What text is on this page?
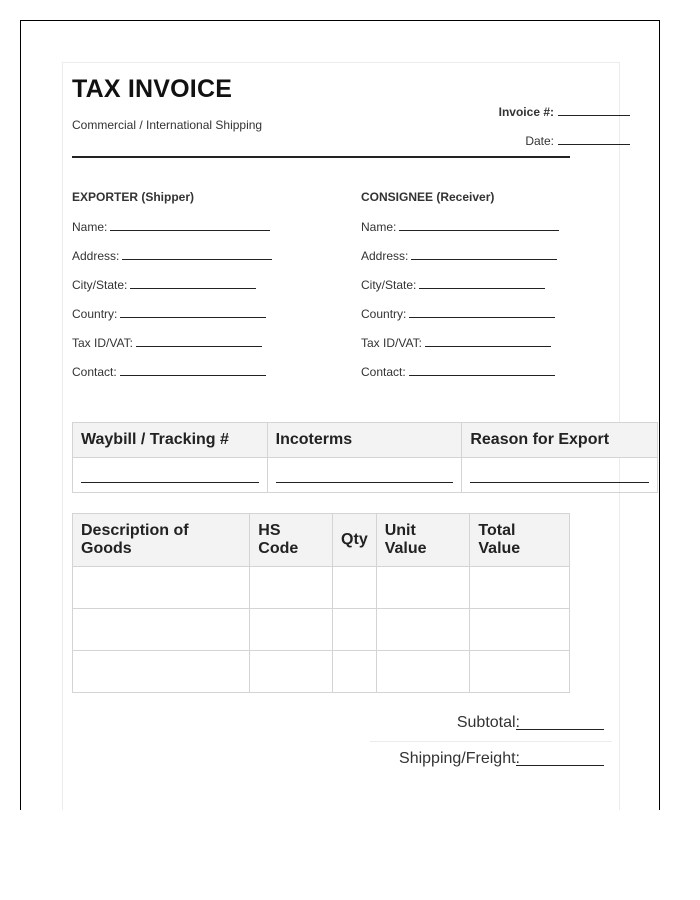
TAX INVOICE
Commercial / International Shipping
Invoice #:
Date:
EXPORTER (Shipper)
Name:
Address:
City/State:
Country:
Tax ID/VAT:
Contact:
CONSIGNEE (Receiver)
Name:
Address:
City/State:
Country:
Tax ID/VAT:
Contact:
Waybill / Tracking #	Incoterms	Reason for Export

Description of Goods	HS Code	Qty	Unit Value	Total Value

Subtotal:
Shipping/Freight:
